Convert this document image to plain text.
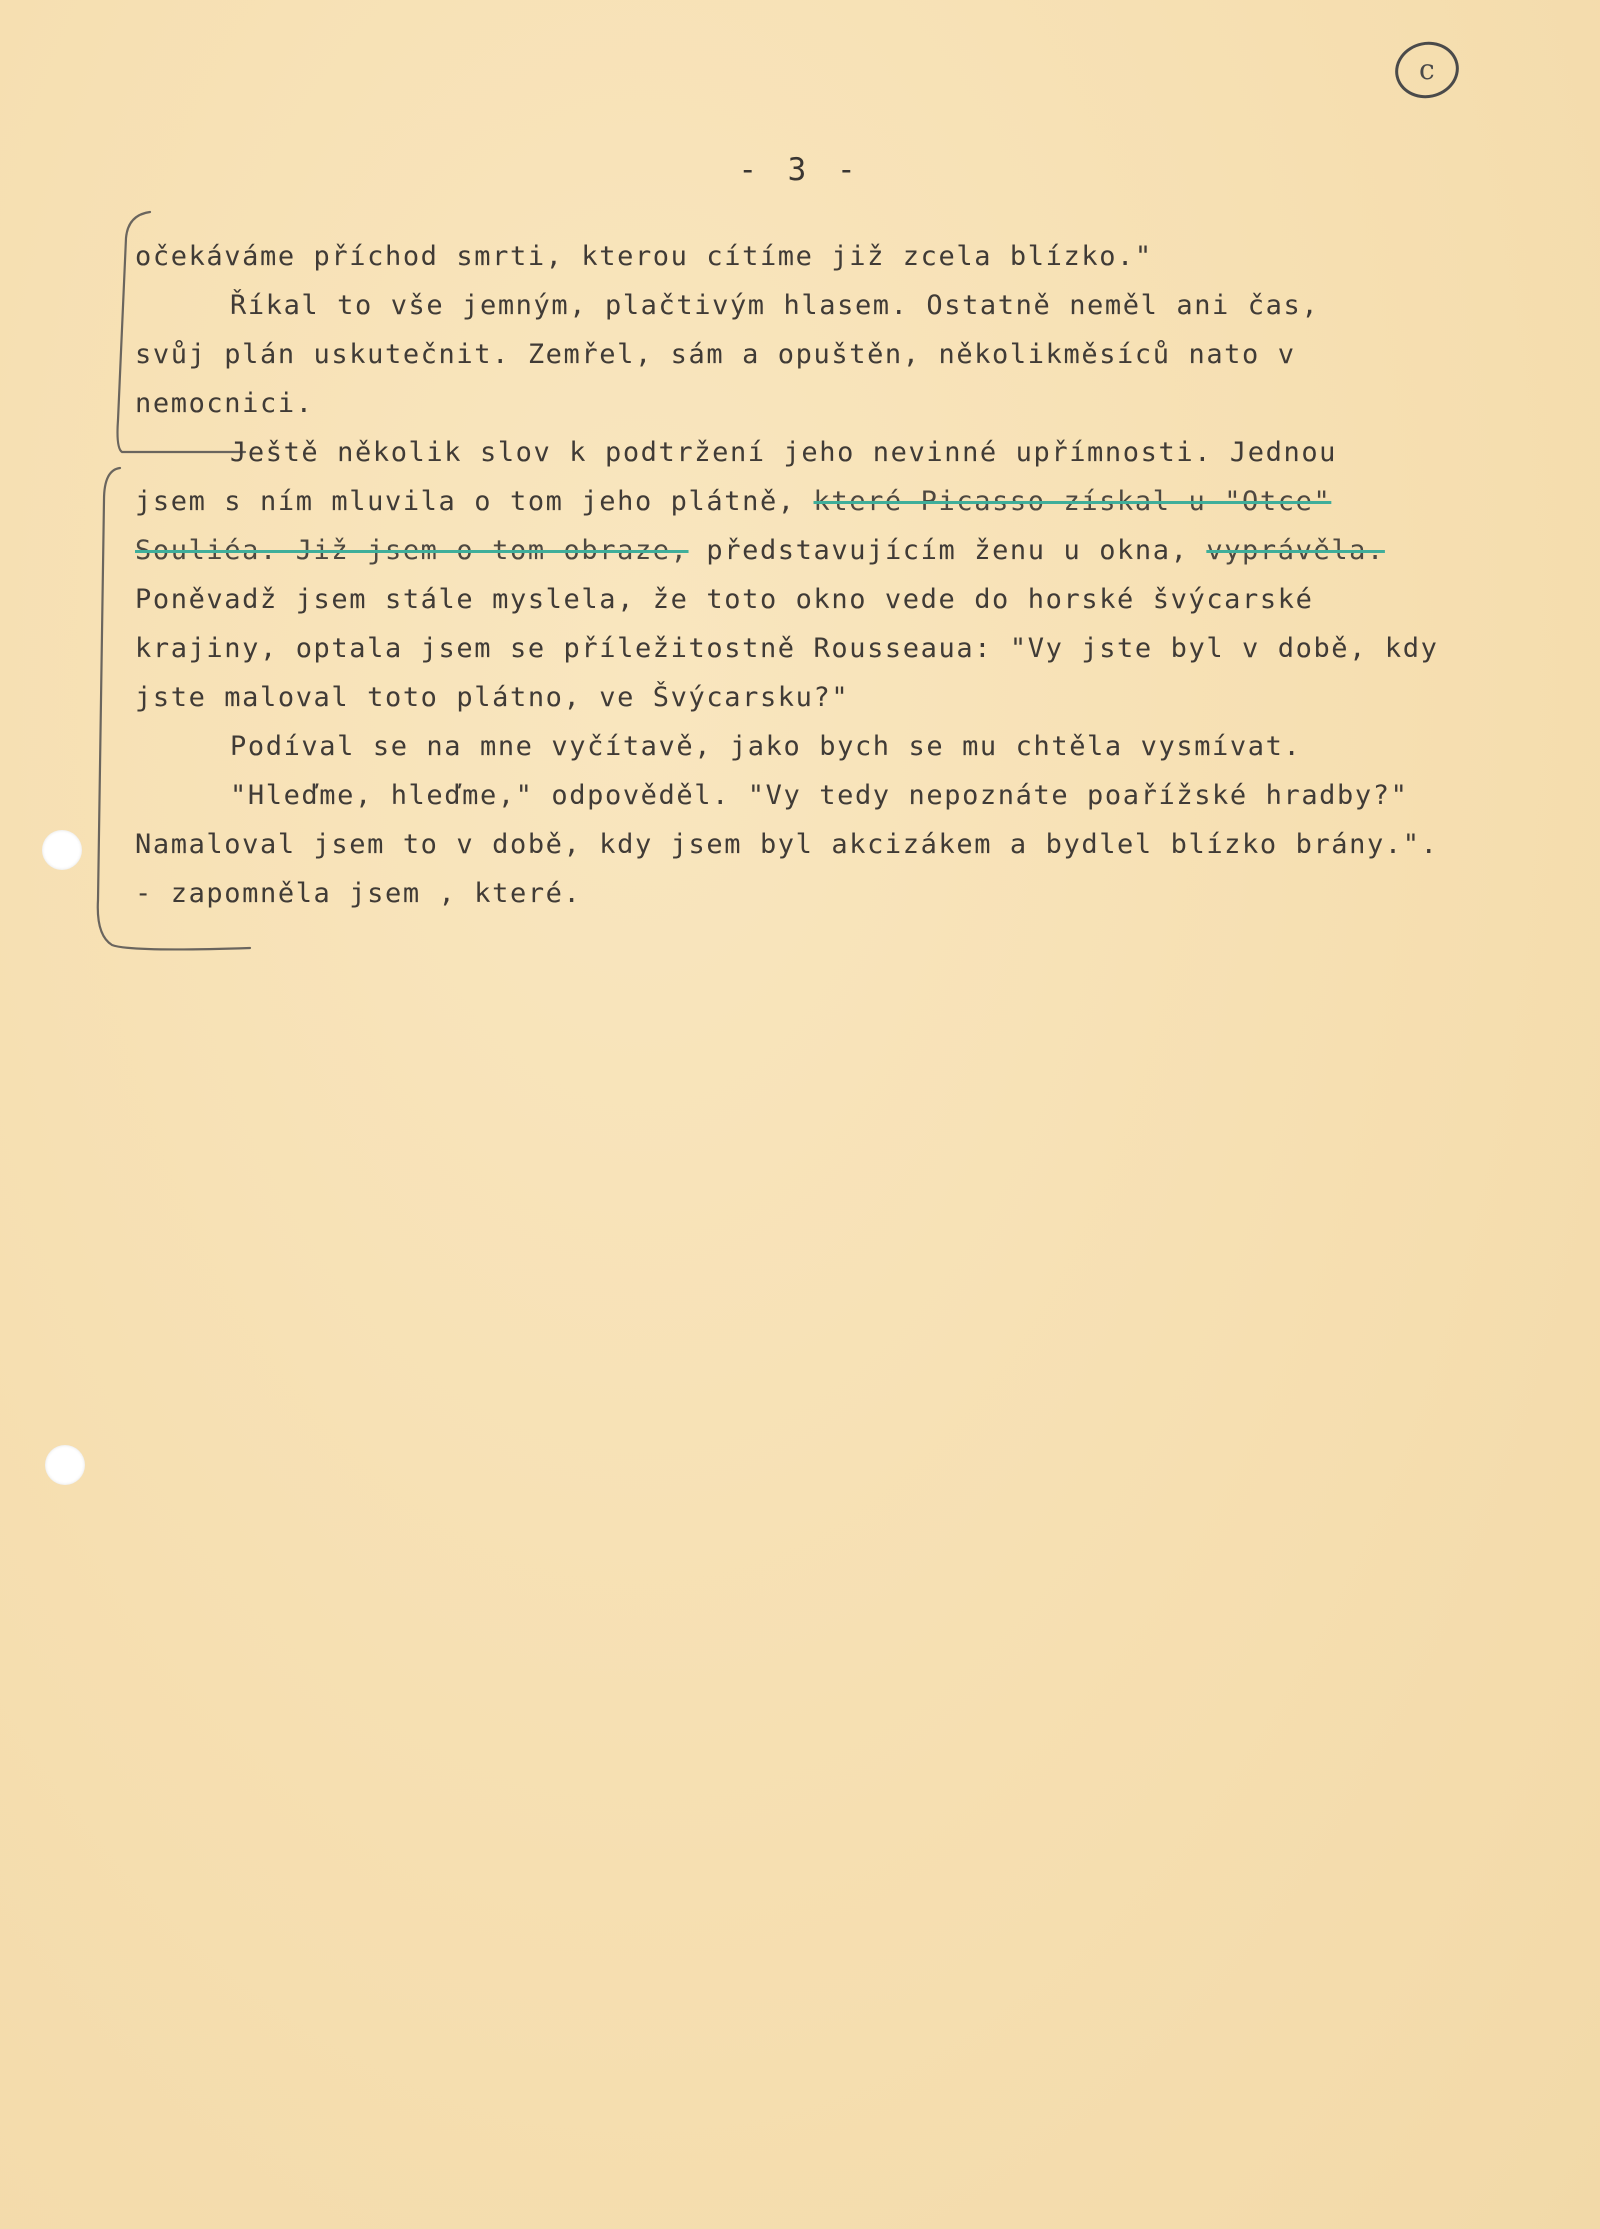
c
- 3 -
očekáváme příchod smrti, kterou cítíme již zcela blízko."
Říkal to vše jemným, plačtivým hlasem. Ostatně neměl ani čas,
svůj plán uskutečnit. Zemřel, sám a opuštěn, několikměsíců nato v
nemocnici.
Ještě několik slov k podtržení jeho nevinné upřímnosti. Jednou
jsem s ním mluvila o tom jeho plátně, které Picasso získal u "Otce"
Souliéa. Již jsem o tom obraze, představujícím ženu u okna, vyprávěla.
Poněvadž jsem stále myslela, že toto okno vede do horské švýcarské
krajiny, optala jsem se příležitostně Rousseaua: "Vy jste byl v době, kdy
jste maloval toto plátno, ve Švýcarsku?"
Podíval se na mne vyčítavě, jako bych se mu chtěla vysmívat.
"Hleďme, hleďme," odpověděl. "Vy tedy nepoznáte poařížské hradby?"
Namaloval jsem to v době, kdy jsem byl akcizákem a bydlel blízko brány.".
- zapomněla jsem , které.
